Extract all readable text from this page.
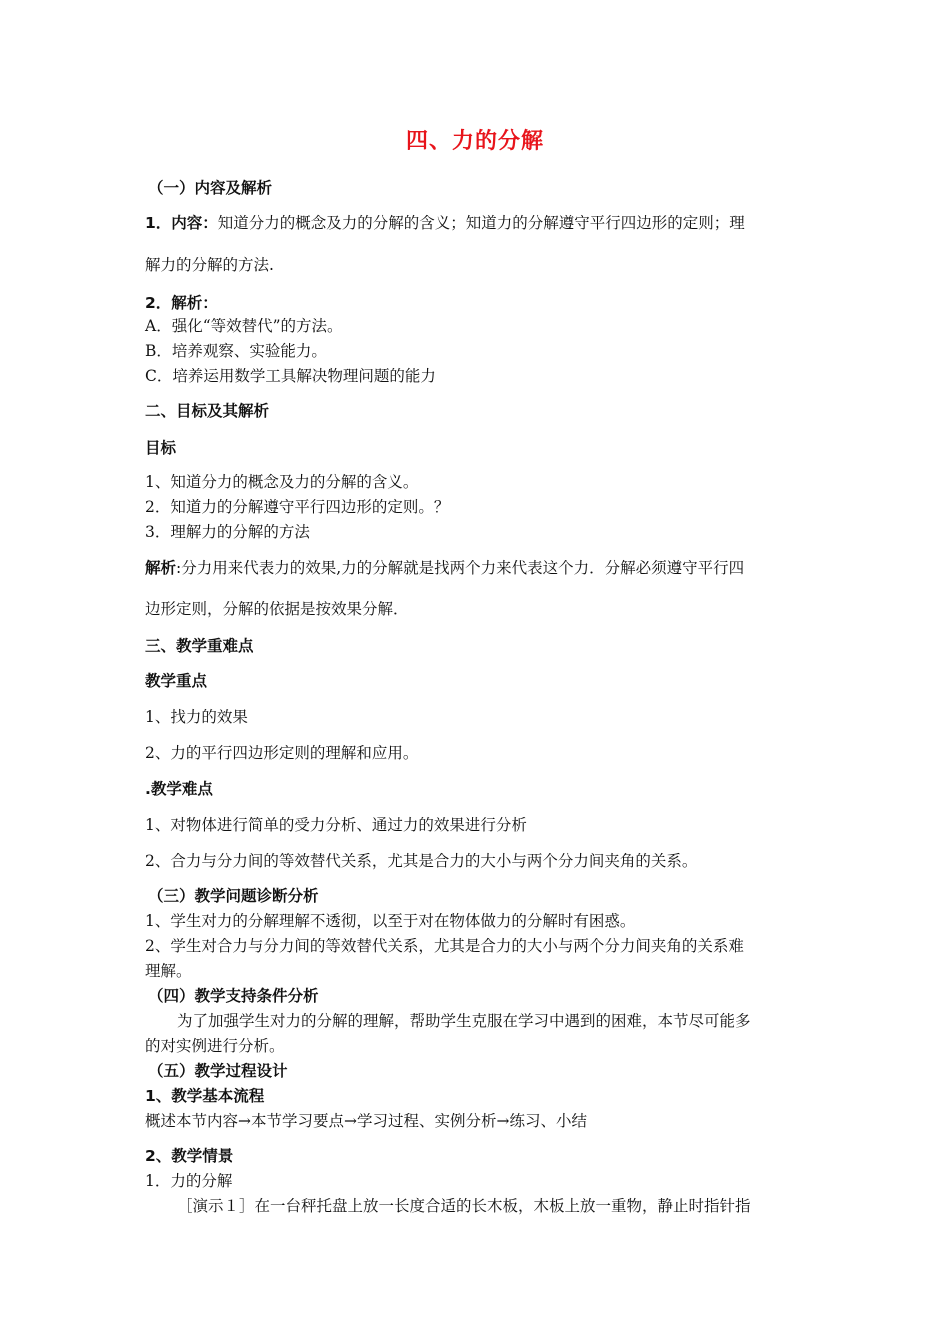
四、力的分解
（一）内容及解析
1．内容：知道分力的概念及力的分解的含义；知道力的分解遵守平行四边形的定则；理
解力的分解的方法.
2．解析：
A．强化“等效替代”的方法。
B．培养观察、实验能力。
C．培养运用数学工具解决物理问题的能力
二、目标及其解析
目标
1、知道分力的概念及力的分解的含义。
2．知道力的分解遵守平行四边形的定则。？
3．理解力的分解的方法
解析:分力用来代表力的效果,力的分解就是找两个力来代表这个力．分解必须遵守平行四
边形定则，分解的依据是按效果分解．
三、教学重难点
教学重点
1、找力的效果
2、力的平行四边形定则的理解和应用。
.教学难点
1、对物体进行简单的受力分析、通过力的效果进行分析
2、合力与分力间的等效替代关系，尤其是合力的大小与两个分力间夹角的关系。
（三）教学问题诊断分析
1、学生对力的分解理解不透彻，以至于对在物体做力的分解时有困惑。
2、学生对合力与分力间的等效替代关系，尤其是合力的大小与两个分力间夹角的关系难
理解。
（四）教学支持条件分析
为了加强学生对力的分解的理解，帮助学生克服在学习中遇到的困难，本节尽可能多
的对实例进行分析。
（五）教学过程设计
1、教学基本流程
概述本节内容→本节学习要点→学习过程、实例分析→练习、小结
2、教学情景
1．力的分解
［演示１］在一台秤托盘上放一长度合适的长木板，木板上放一重物，静止时指针指
